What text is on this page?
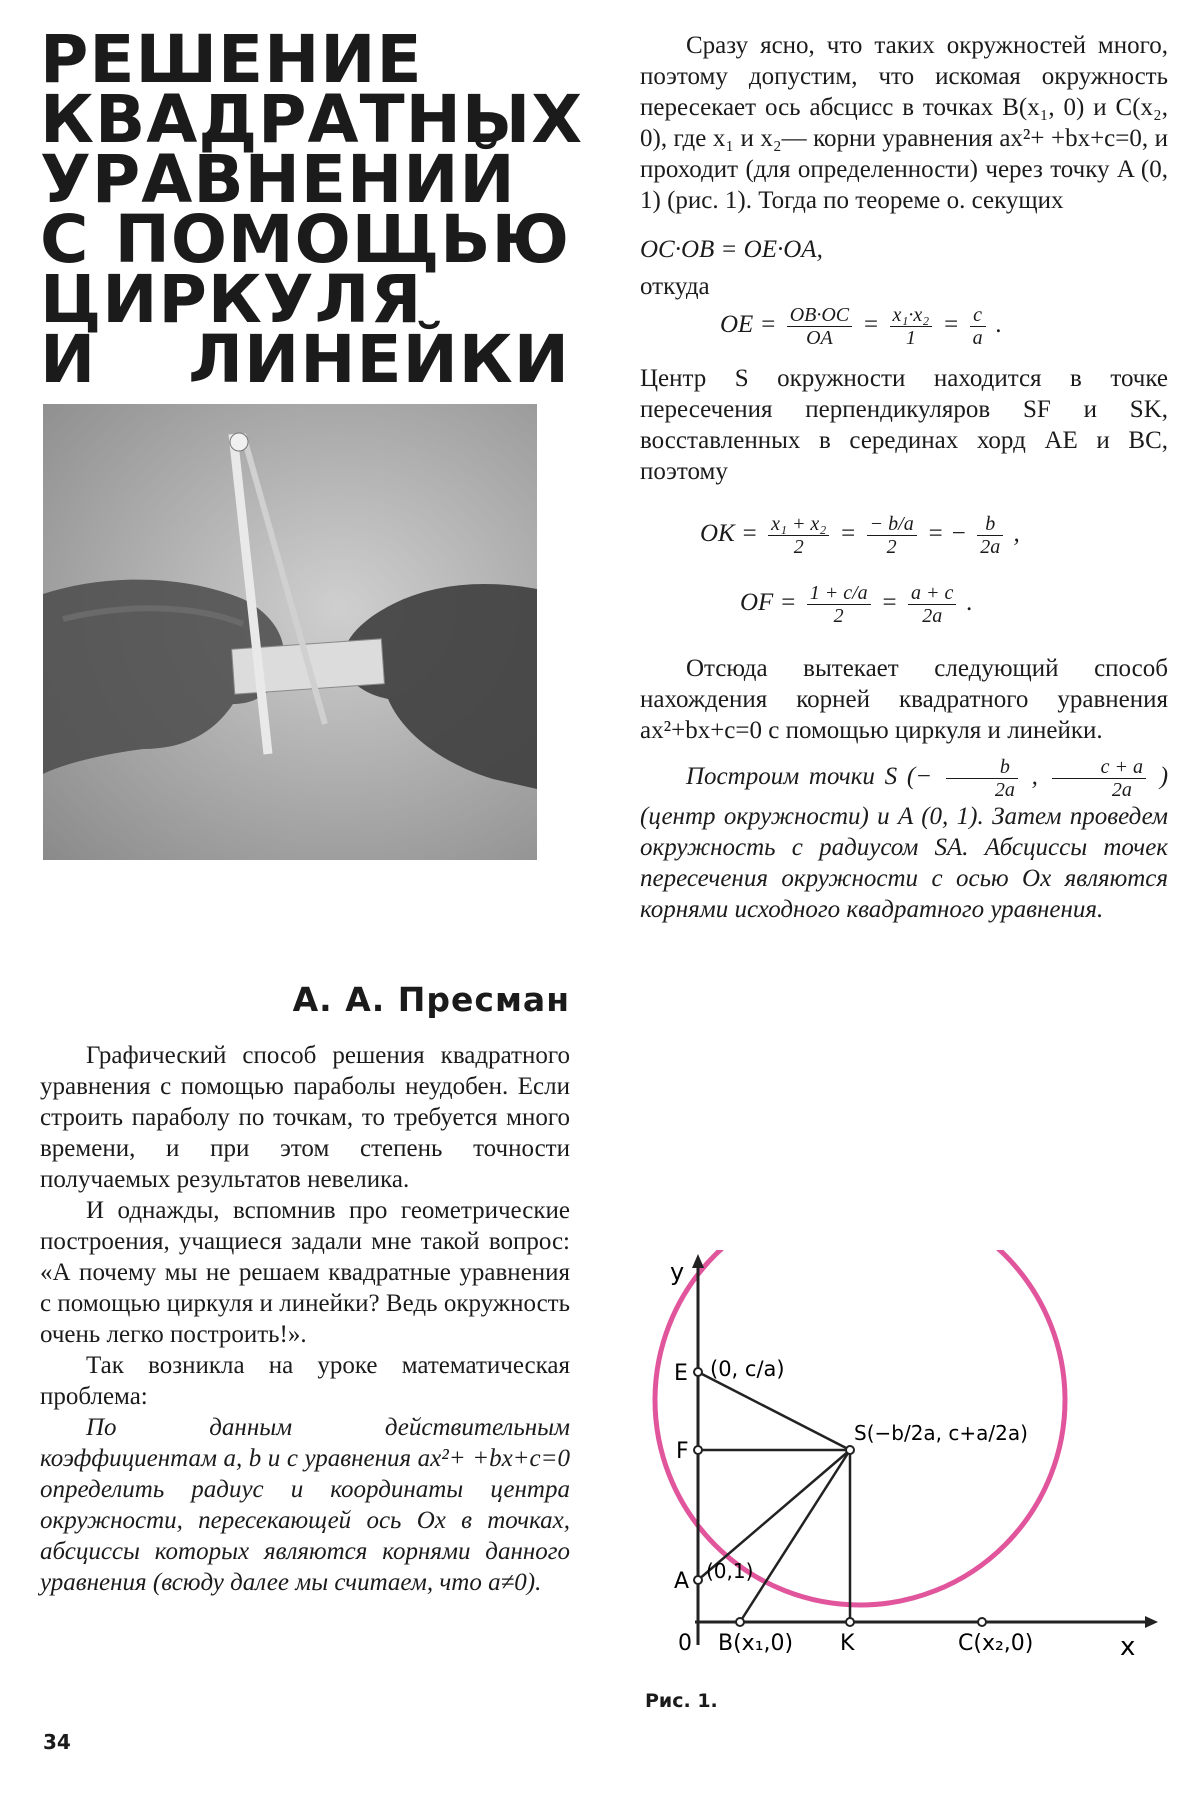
РЕШЕНИЕ
КВАДРАТНЫХ
УРАВНЕНИЙ
С ПОМОЩЬЮ
ЦИРКУЛЯ
И ЛИНЕЙКИ

Графический способ решения квадратного уравнения с помощью параболы неудобен. Если строить параболу по точкам, то требуется много времени, и при этом степень точности получаемых результатов невелика.

И однажды, вспомнив про геометрические построения, учащиеся задали мне такой вопрос: «А почему мы не решаем квадратные уравнения с помощью циркуля и линейки? Ведь окружность очень легко построить!».

Так возникла на уроке математическая проблема:

По данным действительным коэффициентам a, b и c уравнения ax²+ +bx+c=0 определить радиус и координаты центра окружности, пересекающей ось Ox в точках, абсциссы которых являются корнями данного уравнения (всюду далее мы считаем, что a≠0).

А. А. Пресман

34

Сразу ясно, что таких окружностей много, поэтому допустим, что искомая окружность пересекает ось абсцисс в точках B(x₁, 0) и C(x₂, 0), где x₁ и x₂— корни уравнения ax²+ +bx+c=0, и проходит (для определенности) через точку A (0, 1) (рис. 1). Тогда по теореме о. секущих

OC·OB = OE·OA,

откуда

OE = $\frac{OB\cdot OC}{OA} = \frac{\text{x₁·x₂}}{1} = \frac{c}{a}$ .

Центр S окружности находится в точке пересечения перпендикуляров SF и SK, восставленных в серединах хорд AE и BC, поэтому

OK = $\frac{\text{x₁ + x₂}}{2} = \frac{- b/a}{2}$ = − $\frac{b}{2a}$ ,

OF = $\frac{1 + c/a}{2} = \frac{a + c}{2a}$ .

Отсюда вытекает следующий способ нахождения корней квадратного уравнения ax²+bx+c=0 с помощью циркуля и линейки.

Построим точки S (− $\frac{b}{2a}$ , $\frac{c + a}{2a}$ ) (центр окружности) и A (0, 1). Затем проведем окружность с радиусом SA. Абсциссы точек пересечения окружности с осью Ox являются корнями исходного квадратного уравнения.

y
x
0
E
F
A
K
B(x₁,0)	C(x₂,0)
(0, c/a)
(0,1)
S(−b/2a, c+a/2a)
Рис. 1.
